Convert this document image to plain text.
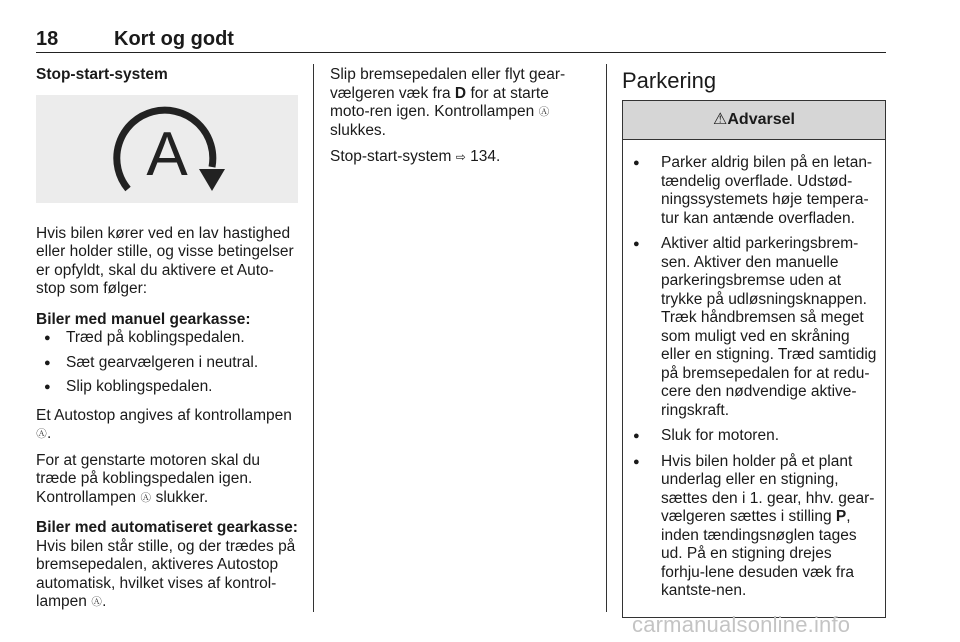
18	Kort og godt
Stop-start-system
A
Hvis bilen kører ved en lav hastighed eller holder stille, og visse betingelser er opfyldt, skal du aktivere et Auto-stop som følger:
Biler med manuel gearkasse:
● Træd på koblingspedalen.
● Sæt gearvælgeren i neutral.
● Slip koblingspedalen.
Et Autostop angives af kontrollampen Ⓐ.
For at genstarte motoren skal du træde på koblingspedalen igen. Kontrollampen Ⓐ slukker.
Biler med automatiseret gearkasse:
Hvis bilen står stille, og der trædes på bremsepedalen, aktiveres Autostop automatisk, hvilket vises af kontrol-lampen Ⓐ.
Slip bremsepedalen eller flyt gear-vælgeren væk fra D for at starte moto-ren igen. Kontrollampen Ⓐ slukkes.
Stop-start-system ⇨ 134.
Parkering
⚠Advarsel
● Parker aldrig bilen på en letan-tændelig overflade. Udstød-ningssystemets høje tempera-tur kan antænde overfladen.
● Aktiver altid parkeringsbrem-sen. Aktiver den manuelle parkeringsbremse uden at trykke på udløsningsknappen. Træk håndbremsen så meget som muligt ved en skråning eller en stigning. Træd samtidig på bremsepedalen for at redu-cere den nødvendige aktive-ringskraft.
● Sluk for motoren.
● Hvis bilen holder på et plant underlag eller en stigning, sættes den i 1. gear, hhv. gear-vælgeren sættes i stilling P, inden tændingsnøglen tages ud. På en stigning drejes forhju-lene desuden væk fra kantste-nen.
carmanualsonline.info
